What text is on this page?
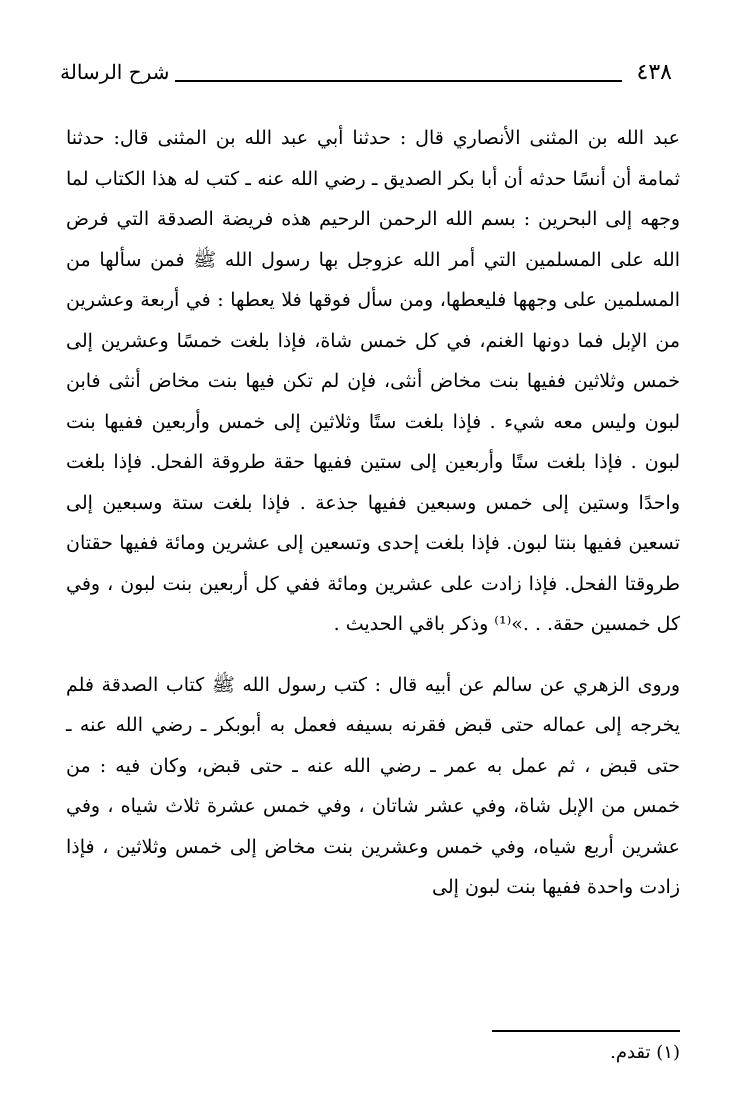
٤٣٨
شرح الرسالة

عبد الله بن المثنى الأنصاري قال : حدثنا أبي عبد الله بن المثنى قال: حدثنا ثمامة أن أنسًا حدثه أن أبا بكر الصديق ـ رضي الله عنه ـ كتب له هذا الكتاب لما وجهه إلى البحرين : بسم الله الرحمن الرحيم هذه فريضة الصدقة التي فرض الله على المسلمين التي أمر الله عزوجل بها رسول الله ﷺ فمن سألها من المسلمين على وجهها فليعطها، ومن سأل فوقها فلا يعطها : في أربعة وعشرين من الإبل فما دونها الغنم، في كل خمس شاة، فإذا بلغت خمسًا وعشرين إلى خمس وثلاثين ففيها بنت مخاض أنثى، فإن لم تكن فيها بنت مخاض أنثى فابن لبون وليس معه شيء . فإذا بلغت ستًا وثلاثين إلى خمس وأربعين ففيها بنت لبون . فإذا بلغت ستًا وأربعين إلى ستين ففيها حقة طروقة الفحل. فإذا بلغت واحدًا وستين إلى خمس وسبعين ففيها جذعة . فإذا بلغت ستة وسبعين إلى تسعين ففيها بنتا لبون. فإذا بلغت إحدى وتسعين إلى عشرين ومائة ففيها حقتان طروقتا الفحل. فإذا زادت على عشرين ومائة ففي كل أربعين بنت لبون ، وفي كل خمسين حقة. . .»⁽¹⁾ وذكر باقي الحديث .

وروى الزهري عن سالم عن أبيه قال : كتب رسول الله ﷺ كتاب الصدقة فلم يخرجه إلى عماله حتى قبض فقرنه بسيفه فعمل به أبوبكر ـ رضي الله عنه ـ حتى قبض ، ثم عمل به عمر ـ رضي الله عنه ـ حتى قبض، وكان فيه : من خمس من الإبل شاة، وفي عشر شاتان ، وفي خمس عشرة ثلاث شياه ، وفي عشرين أربع شياه، وفي خمس وعشرين بنت مخاض إلى خمس وثلاثين ، فإذا زادت واحدة ففيها بنت لبون إلى

(١) تقدم.
